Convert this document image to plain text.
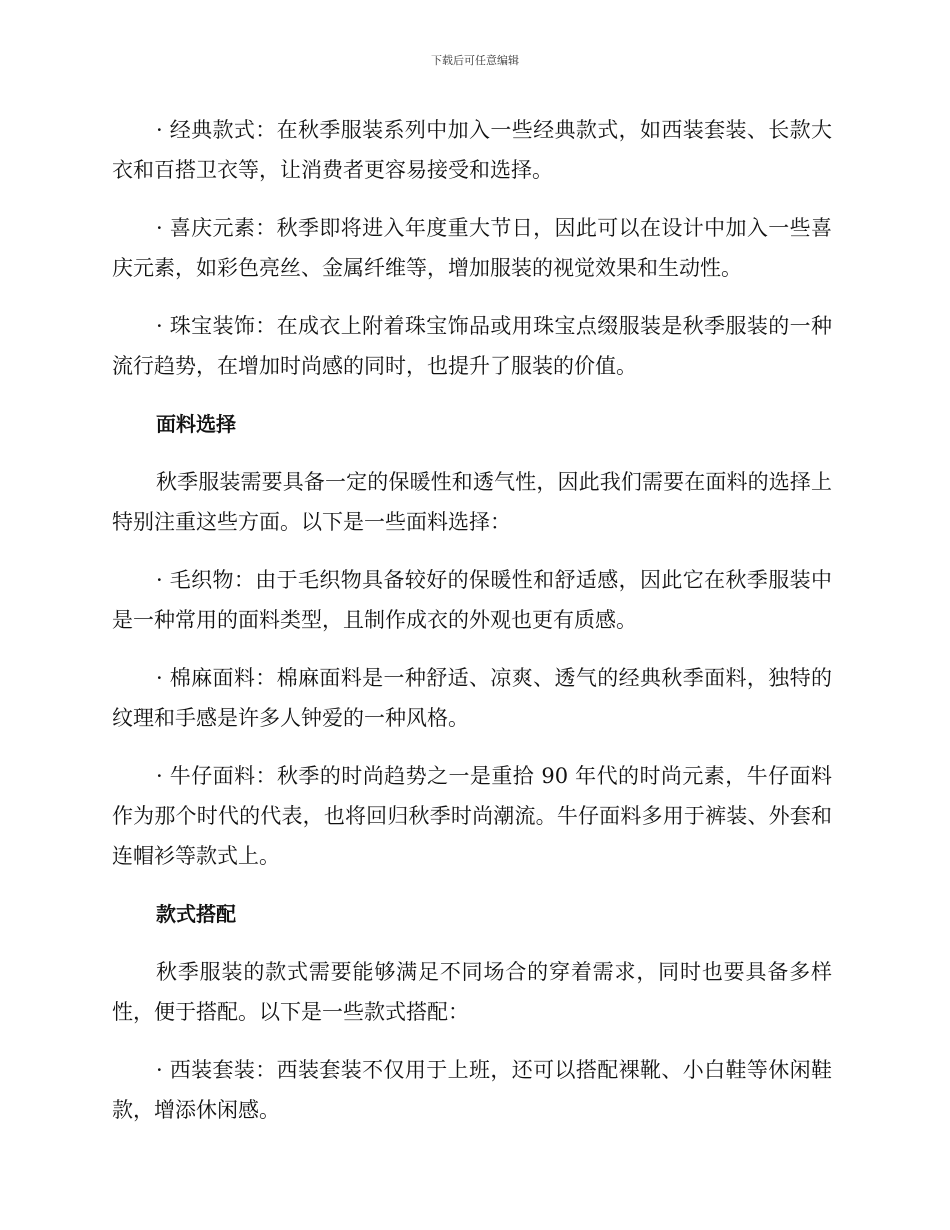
下载后可任意编辑

· 经典款式：在秋季服装系列中加入一些经典款式，如西装套装、长款大衣和百搭卫衣等，让消费者更容易接受和选择。

· 喜庆元素：秋季即将进入年度重大节日，因此可以在设计中加入一些喜庆元素，如彩色亮丝、金属纤维等，增加服装的视觉效果和生动性。

· 珠宝装饰：在成衣上附着珠宝饰品或用珠宝点缀服装是秋季服装的一种流行趋势，在增加时尚感的同时，也提升了服装的价值。

面料选择

秋季服装需要具备一定的保暖性和透气性，因此我们需要在面料的选择上特别注重这些方面。以下是一些面料选择：

· 毛织物：由于毛织物具备较好的保暖性和舒适感，因此它在秋季服装中是一种常用的面料类型，且制作成衣的外观也更有质感。

· 棉麻面料：棉麻面料是一种舒适、凉爽、透气的经典秋季面料，独特的纹理和手感是许多人钟爱的一种风格。

· 牛仔面料：秋季的时尚趋势之一是重拾 90 年代的时尚元素，牛仔面料作为那个时代的代表，也将回归秋季时尚潮流。牛仔面料多用于裤装、外套和连帽衫等款式上。

款式搭配

秋季服装的款式需要能够满足不同场合的穿着需求，同时也要具备多样性，便于搭配。以下是一些款式搭配：

· 西装套装：西装套装不仅用于上班，还可以搭配裸靴、小白鞋等休闲鞋款，增添休闲感。
